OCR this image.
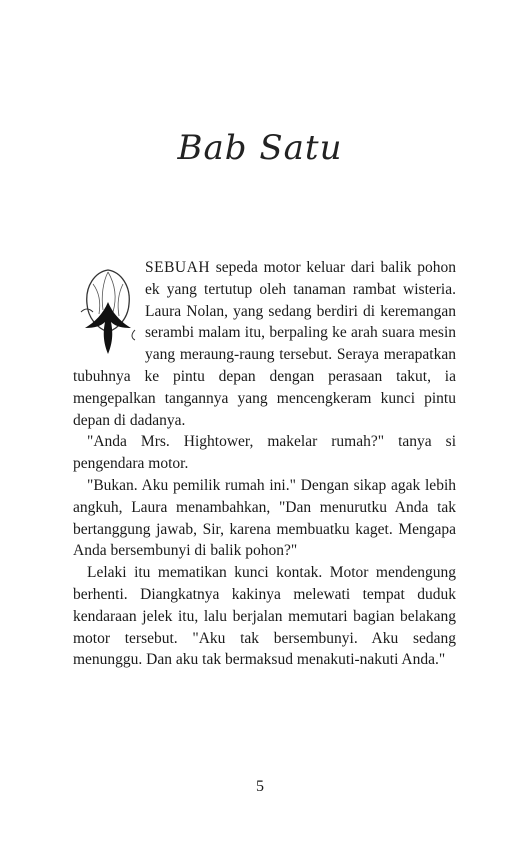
Bab Satu

SEBUAH sepeda motor keluar dari balik pohon ek yang tertutup oleh tanaman rambat wisteria. Laura Nolan, yang sedang berdiri di keremangan serambi malam itu, berpaling ke arah suara mesin yang meraung-raung tersebut. Seraya merapatkan tubuhnya ke pintu depan dengan perasaan takut, ia mengepalkan tangannya yang mencengkeram kunci pintu depan di dadanya.

"Anda Mrs. Hightower, makelar rumah?" tanya si pengendara motor.

"Bukan. Aku pemilik rumah ini." Dengan sikap agak lebih angkuh, Laura menambahkan, "Dan menurutku Anda tak bertanggung jawab, Sir, karena membuatku kaget. Mengapa Anda bersembunyi di balik pohon?"

Lelaki itu mematikan kunci kontak. Motor mendengung berhenti. Diangkatnya kakinya melewati tempat duduk kendaraan jelek itu, lalu berjalan memutari bagian belakang motor tersebut. "Aku tak bersembunyi. Aku sedang menunggu. Dan aku tak bermaksud menakuti-nakuti Anda."

5
